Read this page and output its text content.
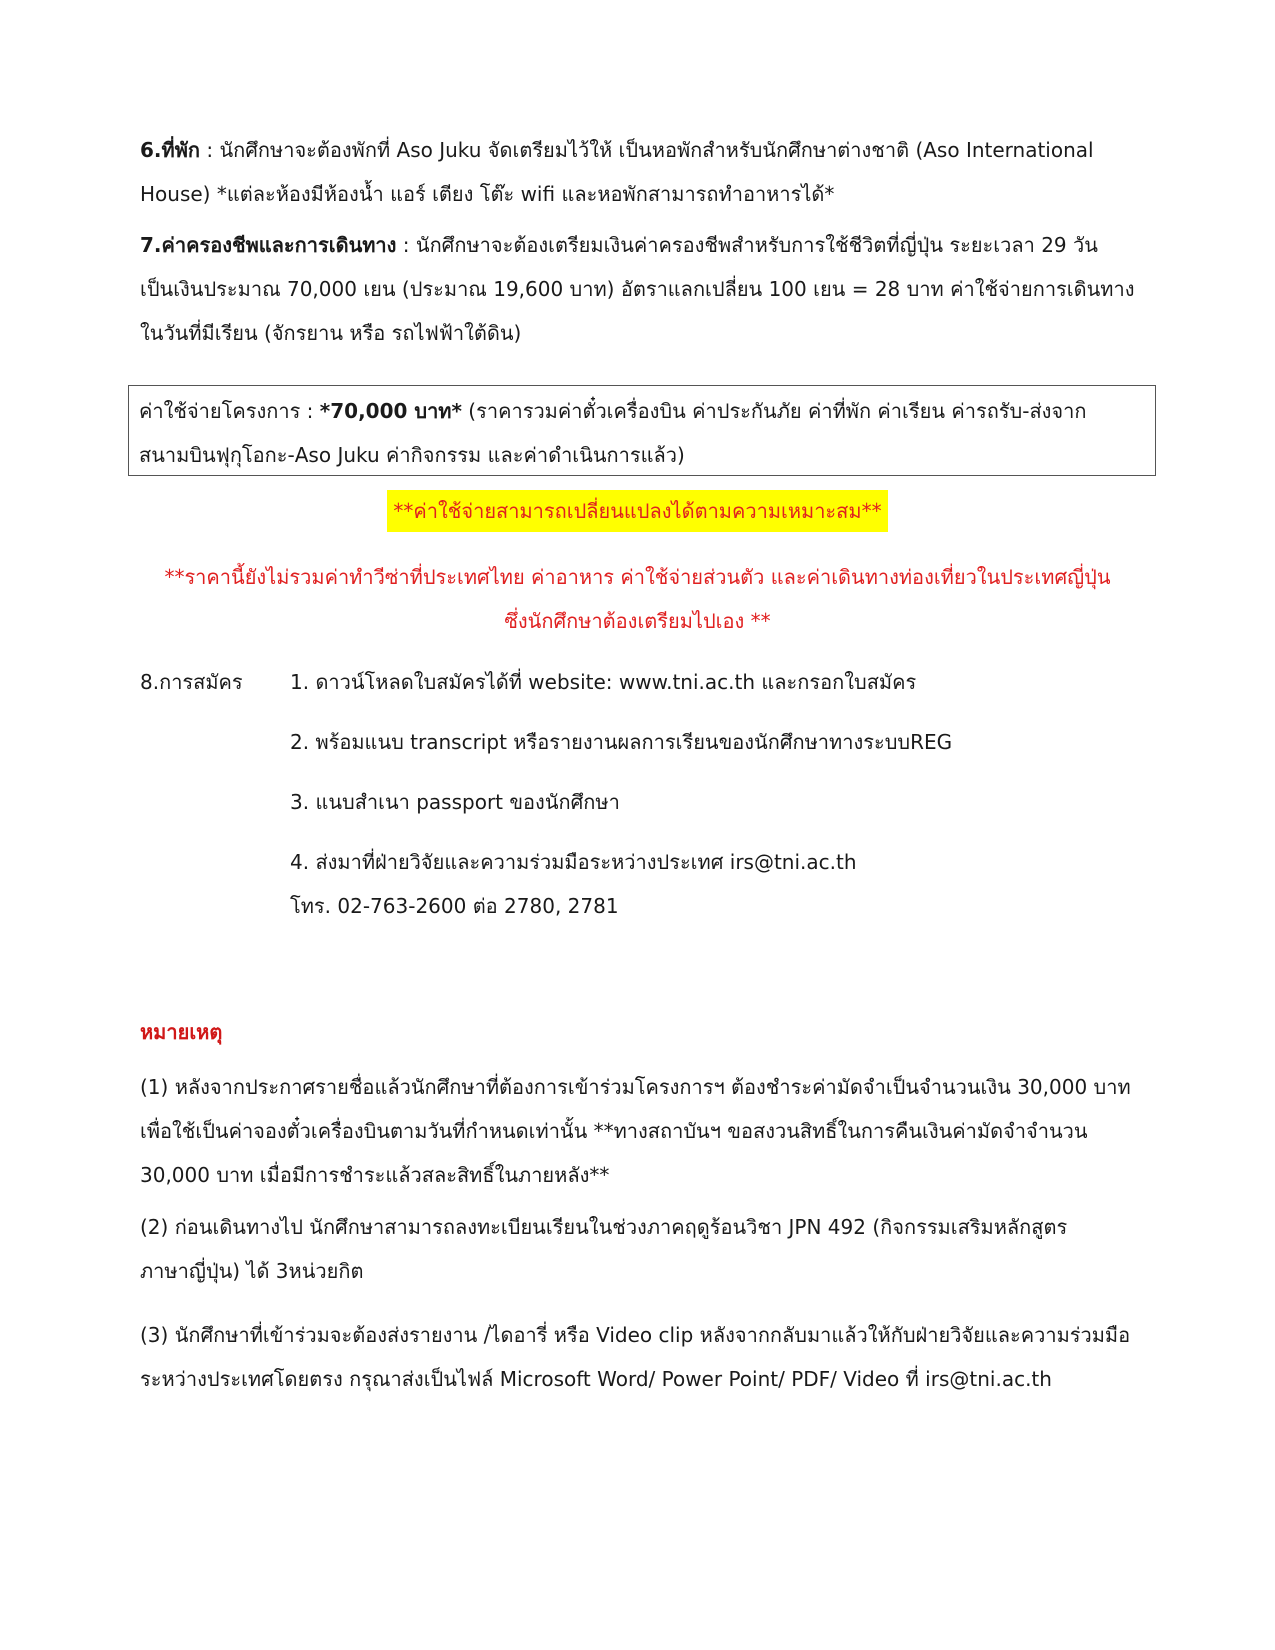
6.ที่พัก : นักศึกษาจะต้องพักที่ Aso Juku จัดเตรียมไว้ให้ เป็นหอพักสำหรับนักศึกษาต่างชาติ (Aso International

House) *แต่ละห้องมีห้องน้ำ แอร์ เตียง โต๊ะ wifi และหอพักสามารถทำอาหารได้*

7.ค่าครองชีพและการเดินทาง : นักศึกษาจะต้องเตรียมเงินค่าครองชีพสำหรับการใช้ชีวิตที่ญี่ปุ่น ระยะเวลา 29 วัน

เป็นเงินประมาณ 70,000 เยน (ประมาณ 19,600 บาท) อัตราแลกเปลี่ยน 100 เยน = 28 บาท ค่าใช้จ่ายการเดินทาง

ในวันที่มีเรียน (จักรยาน หรือ รถไฟฟ้าใต้ดิน)

ค่าใช้จ่ายโครงการ : *70,000 บาท* (ราคารวมค่าตั๋วเครื่องบิน ค่าประกันภัย ค่าที่พัก ค่าเรียน ค่ารถรับ-ส่งจาก

สนามบินฟุกุโอกะ-Aso Juku ค่ากิจกรรม และค่าดำเนินการแล้ว)

**ค่าใช้จ่ายสามารถเปลี่ยนแปลงได้ตามความเหมาะสม**
**ราคานี้ยังไม่รวมค่าทำวีซ่าที่ประเทศไทย ค่าอาหาร ค่าใช้จ่ายส่วนตัว และค่าเดินทางท่องเที่ยวในประเทศญี่ปุ่น
ซึ่งนักศึกษาต้องเตรียมไปเอง **
8.การสมัคร 1. ดาวน์โหลดใบสมัครได้ที่ website: www.tni.ac.th และกรอกใบสมัคร
2. พร้อมแนบ transcript หรือรายงานผลการเรียนของนักศึกษาทางระบบREG
3. แนบสำเนา passport ของนักศึกษา
4. ส่งมาที่ฝ่ายวิจัยและความร่วมมือระหว่างประเทศ irs@tni.ac.th
โทร. 02-763-2600 ต่อ 2780, 2781
หมายเหตุ

(1) หลังจากประกาศรายชื่อแล้วนักศึกษาที่ต้องการเข้าร่วมโครงการฯ ต้องชำระค่ามัดจำเป็นจำนวนเงิน 30,000 บาท

เพื่อใช้เป็นค่าจองตั๋วเครื่องบินตามวันที่กำหนดเท่านั้น **ทางสถาบันฯ ขอสงวนสิทธิ์ในการคืนเงินค่ามัดจำจำนวน

30,000 บาท เมื่อมีการชำระแล้วสละสิทธิ์ในภายหลัง**

(2) ก่อนเดินทางไป นักศึกษาสามารถลงทะเบียนเรียนในช่วงภาคฤดูร้อนวิชา JPN 492 (กิจกรรมเสริมหลักสูตร

ภาษาญี่ปุ่น) ได้ 3หน่วยกิต

(3) นักศึกษาที่เข้าร่วมจะต้องส่งรายงาน /ไดอารี่ หรือ Video clip หลังจากกลับมาแล้วให้กับฝ่ายวิจัยและความร่วมมือ

ระหว่างประเทศโดยตรง กรุณาส่งเป็นไฟล์ Microsoft Word/ Power Point/ PDF/ Video ที่ irs@tni.ac.th
